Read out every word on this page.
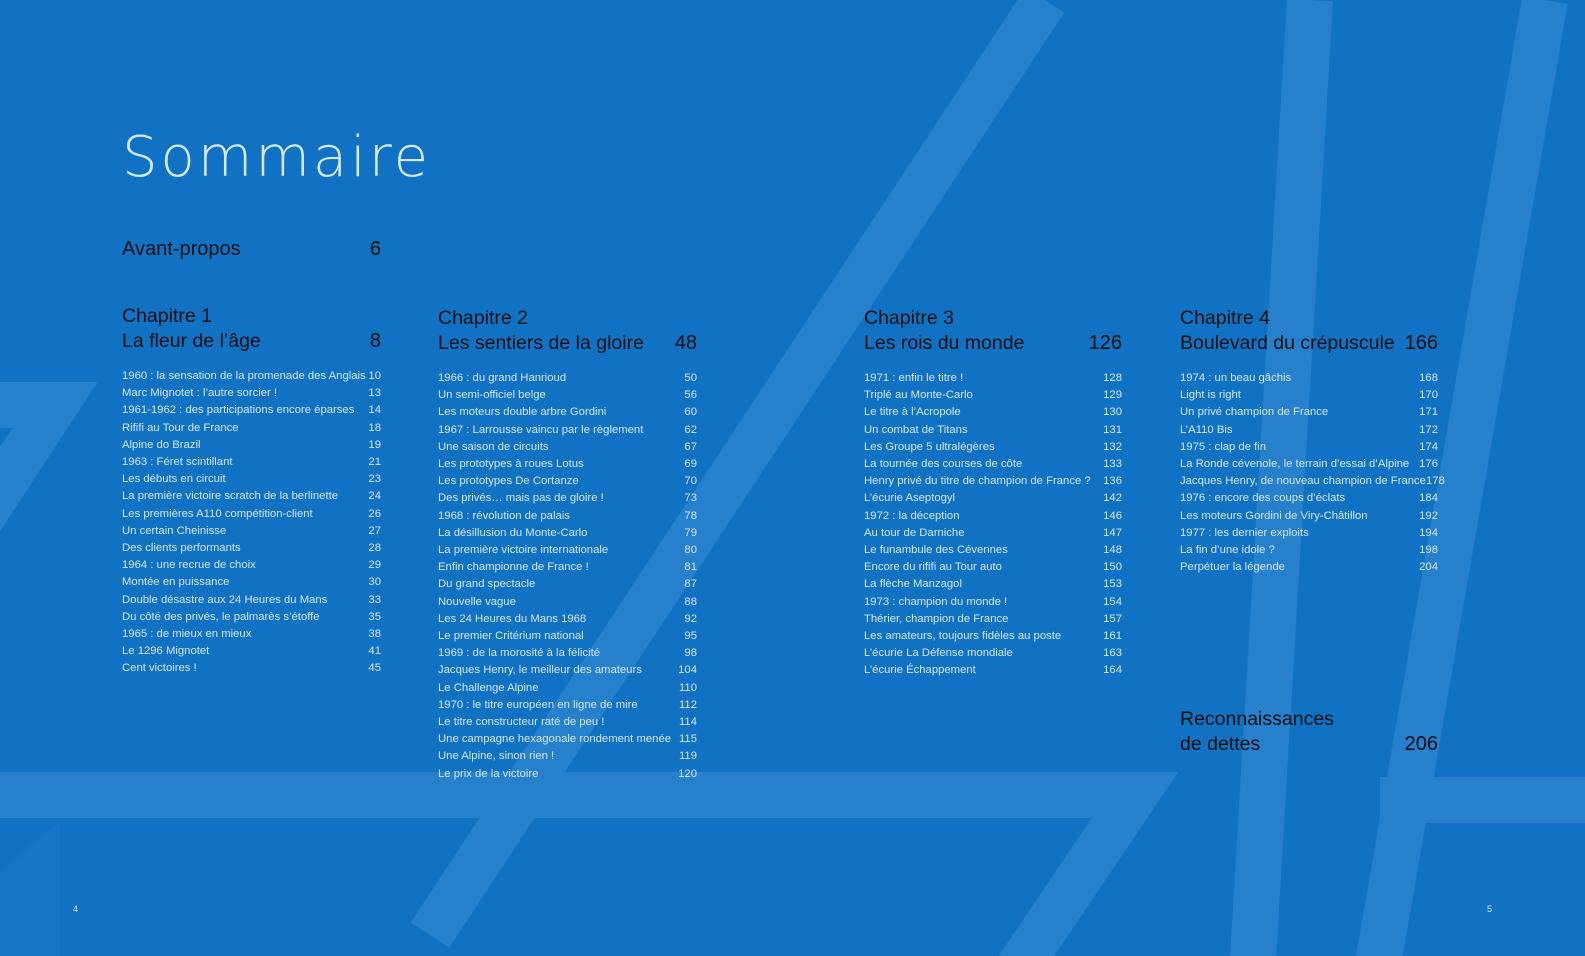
Sommaire
Avant-propos	6
Chapitre 1
La fleur de l’âge	8
1960 : la sensation de la promenade des Anglais 10
Marc Mignotet : l’autre sorcier !	13
1961-1962 : des participations encore éparses 14
Rififi au Tour de France	18
Alpine do Brazil	19
1963 : Féret scintillant	21
Les débuts en circuit	23
La première victoire scratch de la berlinette	24
Les premières A110 compétition-client	26
Un certain Cheinisse	27
Des clients performants	28
1964 : une recrue de choix	29
Montée en puissance	30
Double désastre aux 24 Heures du Mans	33
Du côté des privés, le palmarès s’étoffe	35
1965 : de mieux en mieux	38
Le 1296 Mignotet	41
Cent victoires !	45
Chapitre 2
Les sentiers de la gloire 48
1966 : du grand Hanrioud	50
Un semi-officiel belge	56
Les moteurs double arbre Gordini	60
1967 : Larrousse vaincu par le règlement	62
Une saison de circuits	67
Les prototypes à roues Lotus	69
Les prototypes De Cortanze	70
Des privés… mais pas de gloire !	73
1968 : révolution de palais	78
La désillusion du Monte-Carlo	79
La première victoire internationale	80
Enfin championne de France !	81
Du grand spectacle	87
Nouvelle vague	88
Les 24 Heures du Mans 1968	92
Le premier Critérium national	95
1969 : de la morosité à la félicité	98
Jacques Henry, le meilleur des amateurs	104
Le Challenge Alpine	110
1970 : le titre européen en ligne de mire	112
Le titre constructeur raté de peu !	114
Une campagne hexagonale rondement menée 115
Une Alpine, sinon rien !	119
Le prix de la victoire	120
Chapitre 3
Les rois du monde	126
1971 : enfin le titre !	128
Triplé au Monte-Carlo	129
Le titre à l’Acropole	130
Un combat de Titans	131
Les Groupe 5 ultralégères	132
La tournée des courses de côte	133
Henry privé du titre de champion de France ? 136
L’écurie Aseptogyl	142
1972 : la déception	146
Au tour de Darniche	147
Le funambule des Cévennes	148
Encore du rififi au Tour auto	150
La flèche Manzagol	153
1973 : champion du monde !	154
Thérier, champion de France	157
Les amateurs, toujours fidèles au poste	161
L’écurie La Défense mondiale	163
L’écurie Échappement	164
Chapitre 4
Boulevard du crépuscule 166
1974 : un beau gâchis	168
Light is right	170
Un privé champion de France	171
L’A110 Bis	172
1975 : clap de fin	174
La Ronde cévenole, le terrain d’essai d’Alpine 176
Jacques Henry, de nouveau champion de France 178
1976 : encore des coups d’éclats	184
Les moteurs Gordini de Viry-Châtillon	192
1977 : les dernier exploits	194
La fin d’une idole ?	198
Perpétuer la légende	204
Reconnaissances
de dettes	206
4	5
